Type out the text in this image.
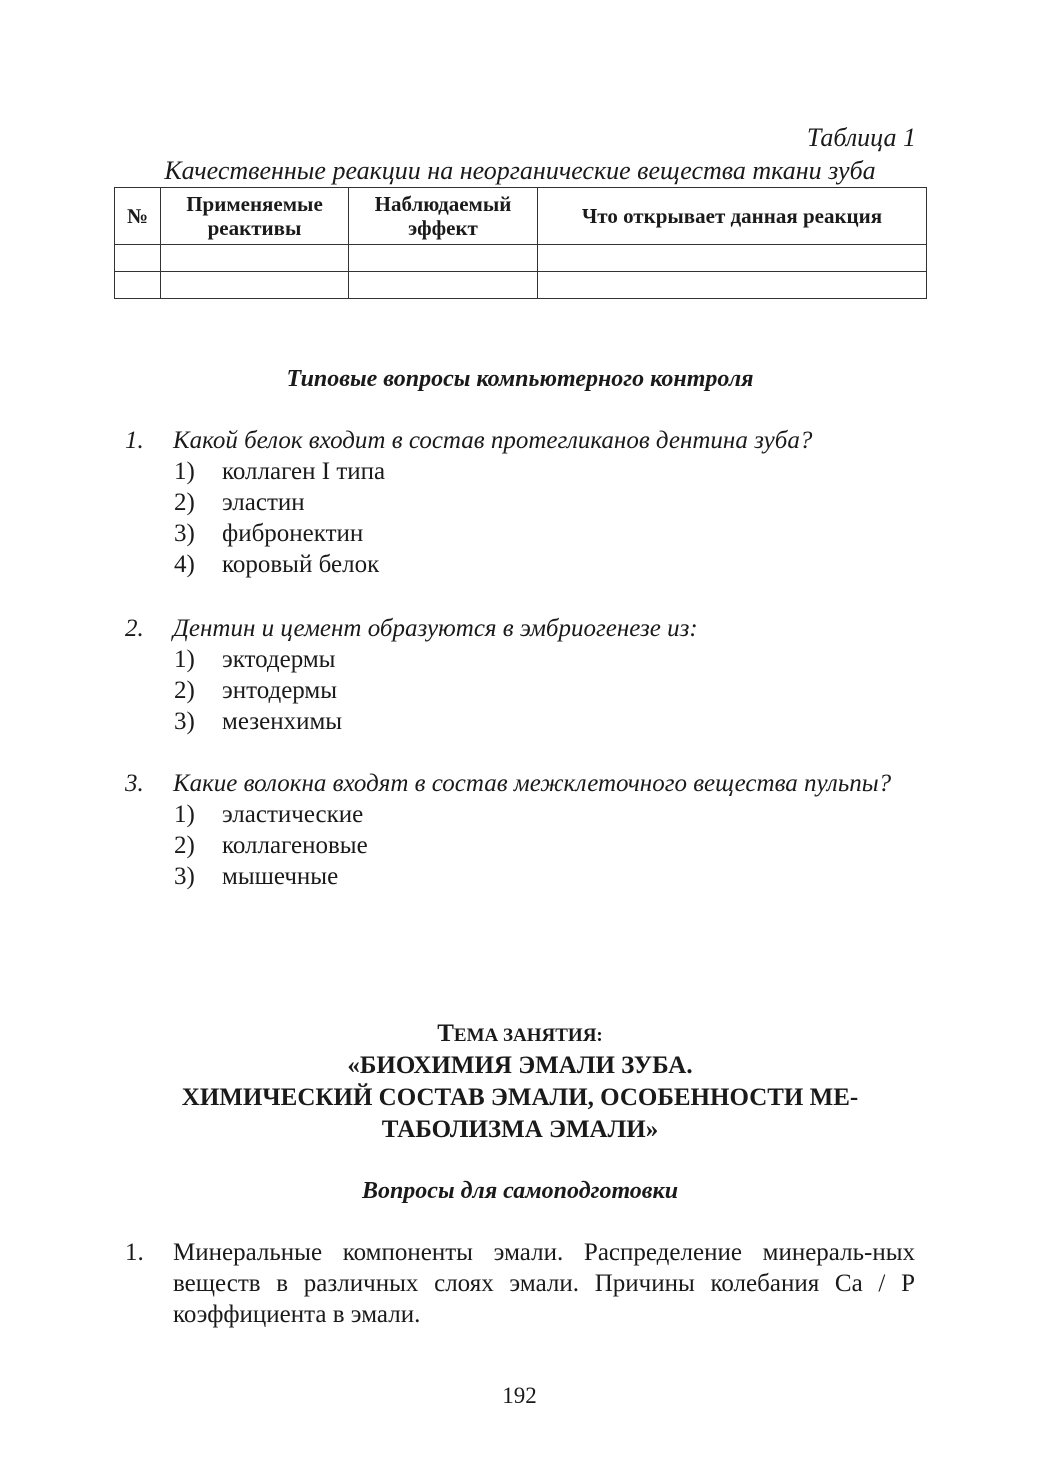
Таблица 1
Качественные реакции на неорганические вещества ткани зуба
№	Применяемые реактивы	Наблюдаемый эффект	Что открывает данная реакция

Типовые вопросы компьютерного контроля
1. Какой белок входит в состав протегликанов дентина зуба?
1)	коллаген I типа
2)	эластин
3)	фибронектин
4)	коровый белок
2. Дентин и цемент образуются в эмбриогенезе из:
1)	эктодермы
2)	энтодермы
3)	мезенхимы
3. Какие волокна входят в состав межклеточного вещества пульпы?
1)	эластические
2)	коллагеновые
3)	мышечные
ТЕМА ЗАНЯТИЯ:
«БИОХИМИЯ ЭМАЛИ ЗУБА.
ХИМИЧЕСКИЙ СОСТАВ ЭМАЛИ, ОСОБЕННОСТИ МЕ-
ТАБОЛИЗМА ЭМАЛИ»
Вопросы для самоподготовки
1. Минеральные компоненты эмали. Распределение минераль-ных веществ в различных слоях эмали. Причины колебания Ca / P коэффициента в эмали.
192
